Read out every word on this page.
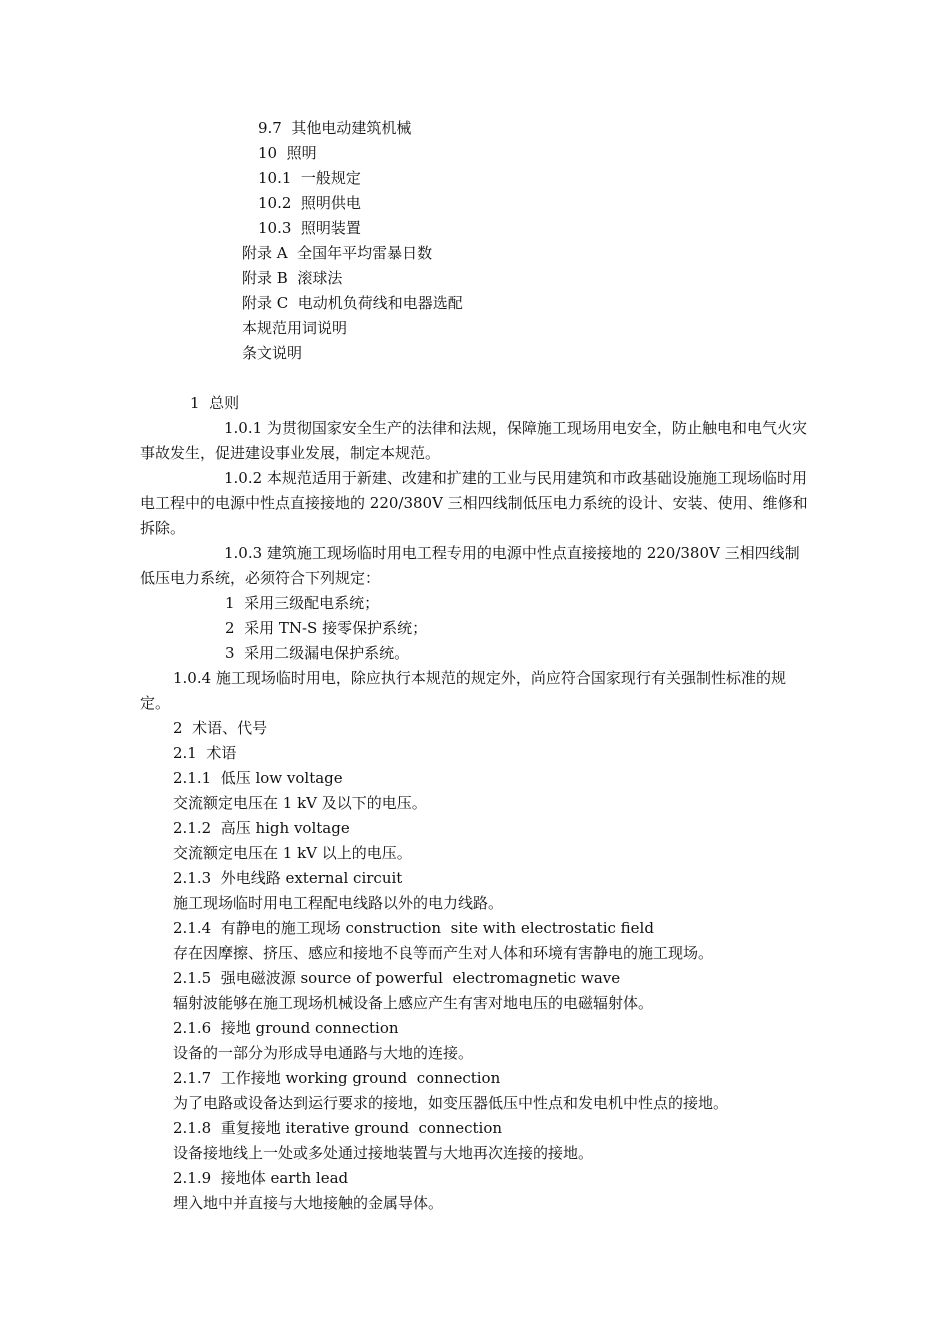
9.7  其他电动建筑机械
10  照明
10.1  一般规定
10.2  照明供电
10.3  照明装置
附录 A  全国年平均雷暴日数
附录 B  滚球法
附录 C  电动机负荷线和电器选配
本规范用词说明
条文说明
1  总则
1.0.1 为贯彻国家安全生产的法律和法规，保障施工现场用电安全，防止触电和电气火灾事故发生，促进建设事业发展，制定本规范。
1.0.2 本规范适用于新建、改建和扩建的工业与民用建筑和市政基础设施施工现场临时用电工程中的电源中性点直接接地的 220/380V 三相四线制低压电力系统的设计、安装、使用、维修和拆除。
1.0.3 建筑施工现场临时用电工程专用的电源中性点直接接地的 220/380V 三相四线制低压电力系统，必须符合下列规定：
1  采用三级配电系统；
2  采用 TN-S 接零保护系统；
3  采用二级漏电保护系统。
1.0.4 施工现场临时用电，除应执行本规范的规定外，尚应符合国家现行有关强制性标准的规定。
2  术语、代号
2.1  术语
2.1.1  低压 low voltage
交流额定电压在 1 kV 及以下的电压。
2.1.2  高压 high voltage
交流额定电压在 1 kV 以上的电压。
2.1.3  外电线路 external circuit
施工现场临时用电工程配电线路以外的电力线路。
2.1.4  有静电的施工现场 construction  site with electrostatic field
存在因摩擦、挤压、感应和接地不良等而产生对人体和环境有害静电的施工现场。
2.1.5  强电磁波源 source of powerful  electromagnetic wave
辐射波能够在施工现场机械设备上感应产生有害对地电压的电磁辐射体。
2.1.6  接地 ground connection
设备的一部分为形成导电通路与大地的连接。
2.1.7  工作接地 working ground  connection
为了电路或设备达到运行要求的接地，如变压器低压中性点和发电机中性点的接地。
2.1.8  重复接地 iterative ground  connection
设备接地线上一处或多处通过接地装置与大地再次连接的接地。
2.1.9  接地体 earth lead
埋入地中并直接与大地接触的金属导体。
